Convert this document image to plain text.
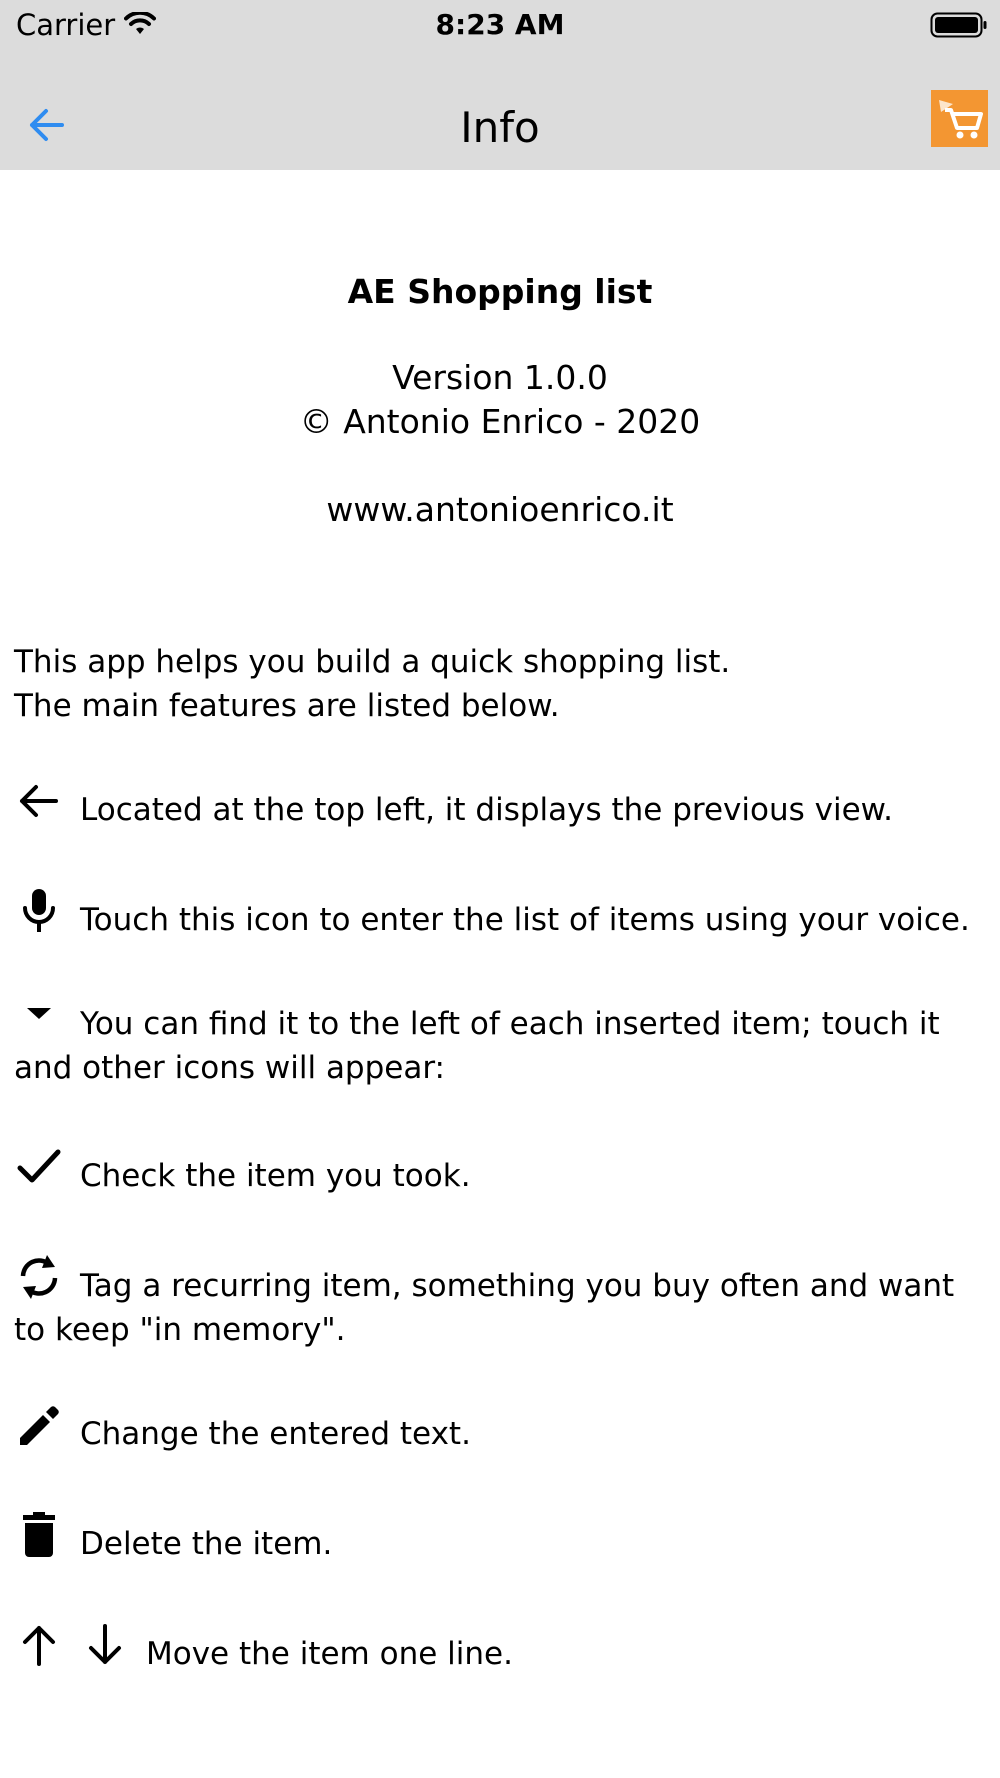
Carrier	8:23 AM
Info
AE Shopping list
Version 1.0.0
© Antonio Enrico - 2020
www.antonioenrico.it
This app helps you build a quick shopping list.
The main features are listed below.
Located at the top left, it displays the previous view.
Touch this icon to enter the list of items using your voice.
You can find it to the left of each inserted item; touch it and other icons will appear:
Check the item you took.
Tag a recurring item, something you buy often and want to keep "in memory".
Change the entered text.
Delete the item.
Move the item one line.
